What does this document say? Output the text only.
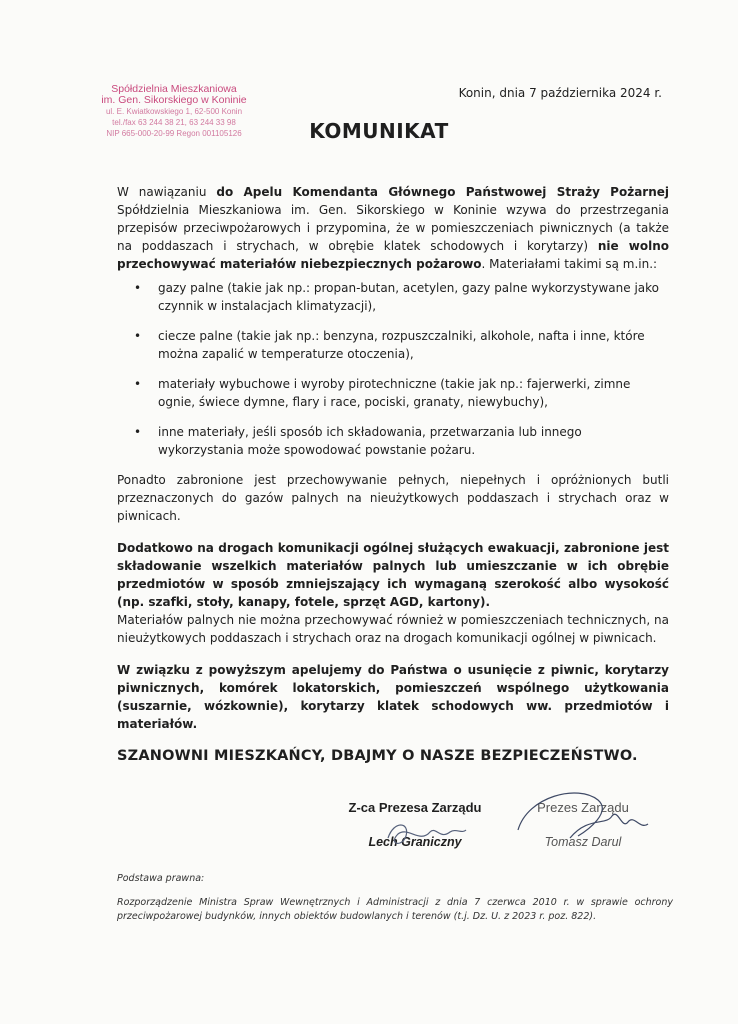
Spółdzielnia Mieszkaniowa
im. Gen. Sikorskiego w Koninie
ul. E. Kwiatkowskiego 1, 62-500 Konin
tel./fax 63 244 38 21, 63 244 33 98
NIP 665-000-20-99 Regon 001105126
Konin, dnia 7 października 2024 r.
KOMUNIKAT

W nawiązaniu do Apelu Komendanta Głównego Państwowej Straży Pożarnej Spółdzielnia Mieszkaniowa im. Gen. Sikorskiego w Koninie wzywa do przestrzegania przepisów przeciwpożarowych i przypomina, że w pomieszczeniach piwnicznych (a także na poddaszach i strychach, w obrębie klatek schodowych i korytarzy) nie wolno przechowywać materiałów niebezpiecznych pożarowo. Materiałami takimi są m.in.:

• gazy palne (takie jak np.: propan-butan, acetylen, gazy palne wykorzystywane jako czynnik w instalacjach klimatyzacji),
• ciecze palne (takie jak np.: benzyna, rozpuszczalniki, alkohole, nafta i inne, które można zapalić w temperaturze otoczenia),
• materiały wybuchowe i wyroby pirotechniczne (takie jak np.: fajerwerki, zimne ognie, świece dymne, flary i race, pociski, granaty, niewybuchy),
• inne materiały, jeśli sposób ich składowania, przetwarzania lub innego wykorzystania może spowodować powstanie pożaru.

Ponadto zabronione jest przechowywanie pełnych, niepełnych i opróżnionych butli przeznaczonych do gazów palnych na nieużytkowych poddaszach i strychach oraz w piwnicach.

Dodatkowo na drogach komunikacji ogólnej służących ewakuacji, zabronione jest składowanie wszelkich materiałów palnych lub umieszczanie w ich obrębie przedmiotów w sposób zmniejszający ich wymaganą szerokość albo wysokość (np. szafki, stoły, kanapy, fotele, sprzęt AGD, kartony).

Materiałów palnych nie można przechowywać również w pomieszczeniach technicznych, na nieużytkowych poddaszach i strychach oraz na drogach komunikacji ogólnej w piwnicach.

W związku z powyższym apelujemy do Państwa o usunięcie z piwnic, korytarzy piwnicznych, komórek lokatorskich, pomieszczeń wspólnego użytkowania (suszarnie, wózkownie), korytarzy klatek schodowych ww. przedmiotów i materiałów.

SZANOWNI MIESZKAŃCY, DBAJMY O NASZE BEZPIECZEŃSTWO.
Z-ca Prezesa Zarządu
Lech Graniczny
Prezes Zarządu
Tomasz Darul
Podstawa prawna:
Rozporządzenie Ministra Spraw Wewnętrznych i Administracji z dnia 7 czerwca 2010 r. w sprawie ochrony przeciwpożarowej budynków, innych obiektów budowlanych i terenów (t.j. Dz. U. z 2023 r. poz. 822).
